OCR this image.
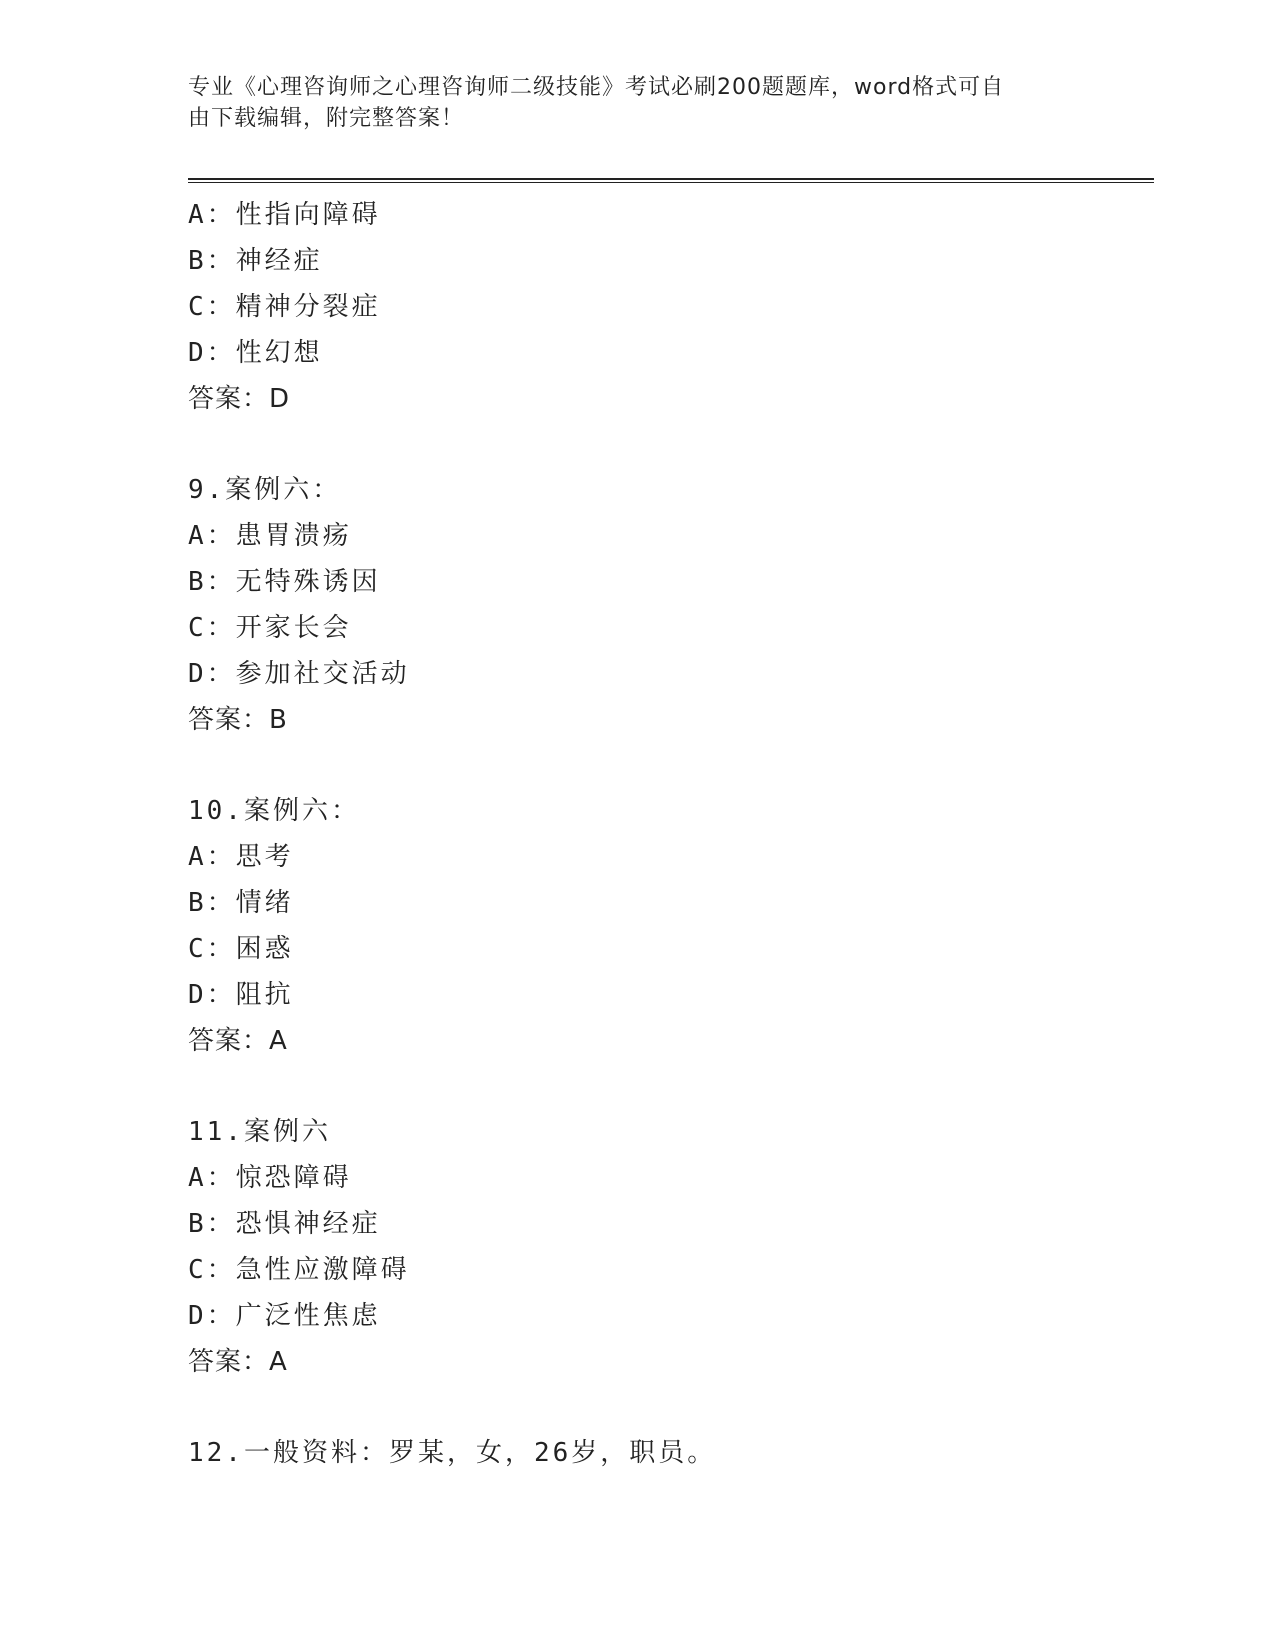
专业《心理咨询师之心理咨询师二级技能》考试必刷200题题库，word格式可自
由下载编辑，附完整答案！
A：性指向障碍
B：神经症
C：精神分裂症
D：性幻想
答案：D
9.案例六：
A：患胃溃疡
B：无特殊诱因
C：开家长会
D：参加社交活动
答案：B
10.案例六：
A：思考
B：情绪
C：困惑
D：阻抗
答案：A
11.案例六
A：惊恐障碍
B：恐惧神经症
C：急性应激障碍
D：广泛性焦虑
答案：A
12.一般资料：罗某，女，26岁，职员。
